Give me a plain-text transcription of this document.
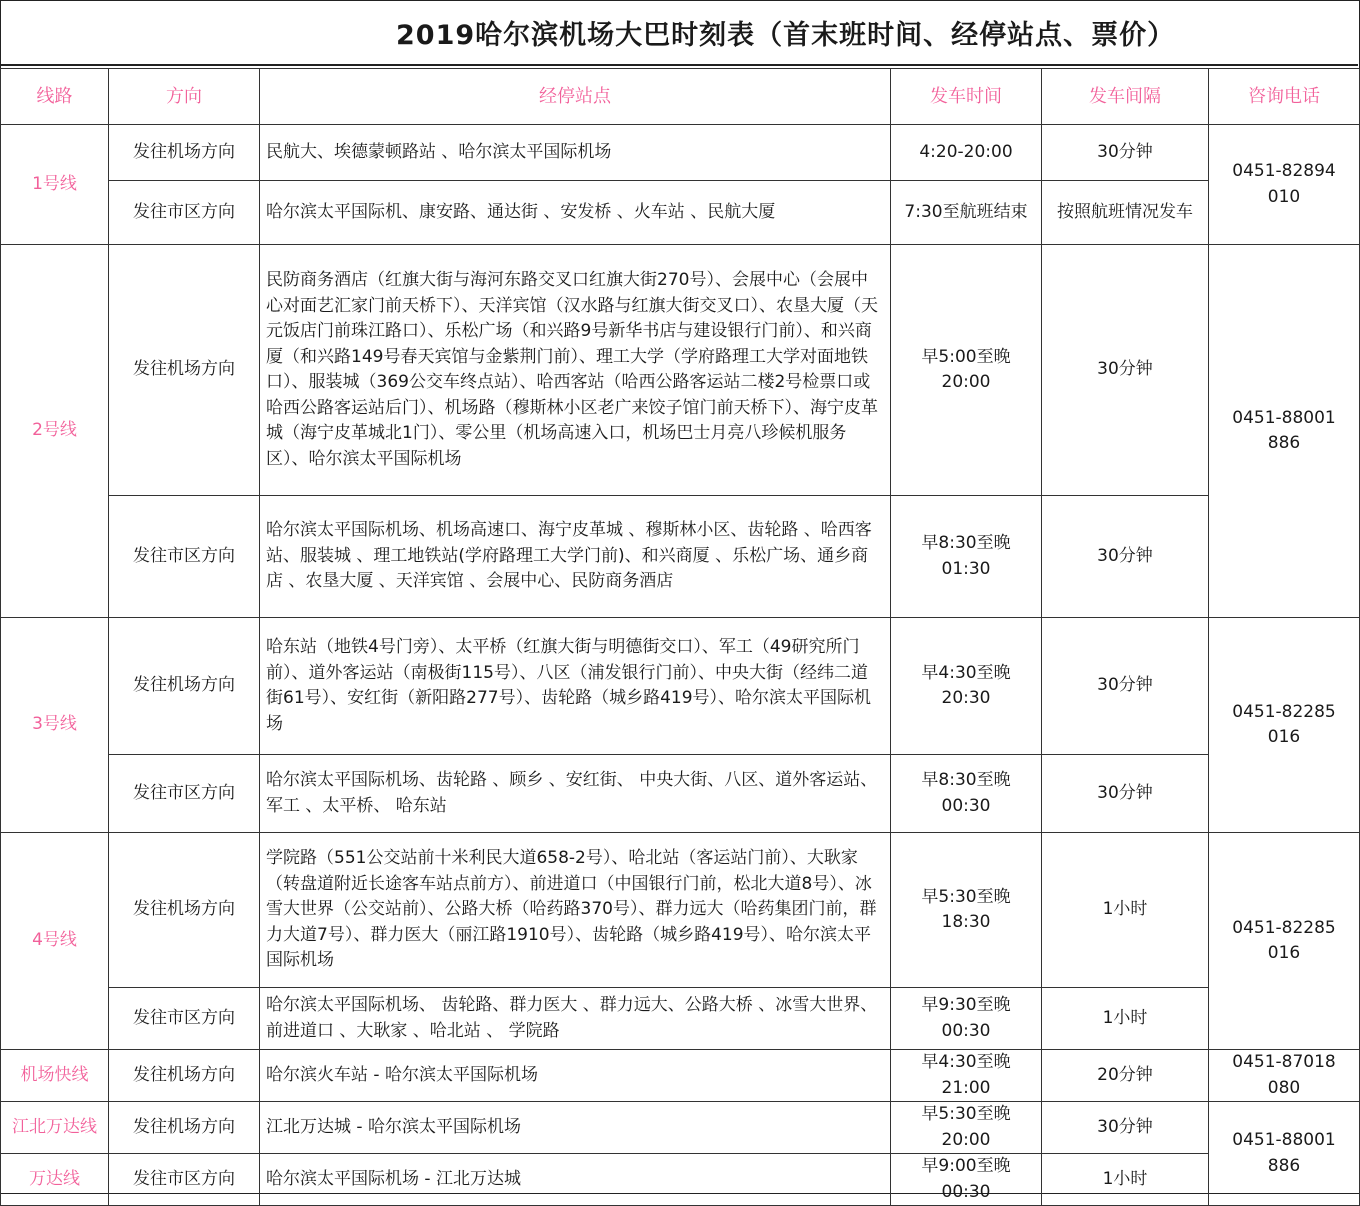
2019哈尔滨机场大巴时刻表（首末班时间、经停站点、票价）
线路	方向	经停站点	发车时间	发车间隔	咨询电话
1号线	发往机场方向	民航大、埃德蒙顿路站 、哈尔滨太平国际机场	4:20-20:00	30分钟	0451-82894010
	发往市区方向	哈尔滨太平国际机、康安路、通达街 、安发桥 、火车站 、民航大厦	7:30至航班结束	按照航班情况发车	
2号线	发往机场方向	民防商务酒店（红旗大街与海河东路交叉口红旗大街270号）、会展中心（会展中心对面艺汇家门前天桥下）、天洋宾馆（汉水路与红旗大街交叉口）、农垦大厦（天元饭店门前珠江路口）、乐松广场（和兴路9号新华书店与建设银行门前）、和兴商厦（和兴路149号春天宾馆与金紫荆门前）、理工大学（学府路理工大学对面地铁口）、服装城（369公交车终点站）、哈西客站（哈西公路客运站二楼2号检票口或哈西公路客运站后门）、机场路（穆斯林小区老广来饺子馆门前天桥下）、海宁皮革城（海宁皮革城北1门）、零公里（机场高速入口，机场巴士月亮八珍候机服务区）、哈尔滨太平国际机场	早5:00至晚20:00	30分钟	0451-88001886
	发往市区方向	哈尔滨太平国际机场、机场高速口、海宁皮革城 、穆斯林小区、齿轮路 、哈西客站、服装城 、理工地铁站(学府路理工大学门前)、和兴商厦 、乐松广场、通乡商店 、农垦大厦 、天洋宾馆 、会展中心、民防商务酒店	早8:30至晚01:30	30分钟	
3号线	发往机场方向	哈东站（地铁4号门旁）、太平桥（红旗大街与明德街交口）、军工（49研究所门前）、道外客运站（南极街115号）、八区（浦发银行门前）、中央大街（经纬二道街61号）、安红街（新阳路277号）、齿轮路（城乡路419号）、哈尔滨太平国际机场	早4:30至晚20:30	30分钟	0451-82285016
	发往市区方向	哈尔滨太平国际机场、齿轮路 、顾乡 、安红街、 中央大街、八区、道外客运站、 军工 、太平桥、 哈东站	早8:30至晚00:30	30分钟	
4号线	发往机场方向	学院路（551公交站前十米利民大道658-2号）、哈北站（客运站门前）、大耿家（转盘道附近长途客车站点前方）、前进道口（中国银行门前，松北大道8号）、冰雪大世界（公交站前）、公路大桥（哈药路370号）、群力远大（哈药集团门前，群力大道7号）、群力医大（丽江路1910号）、齿轮路（城乡路419号）、哈尔滨太平国际机场	早5:30至晚18:30	1小时	0451-82285016
	发往市区方向	哈尔滨太平国际机场、 齿轮路、群力医大 、群力远大、公路大桥 、冰雪大世界、前进道口 、大耿家 、哈北站 、 学院路	早9:30至晚00:30	1小时	
机场快线	发往机场方向	哈尔滨火车站 - 哈尔滨太平国际机场	早4:30至晚21:00	20分钟	0451-87018080
江北万达线	发往机场方向	江北万达城 - 哈尔滨太平国际机场	早5:30至晚20:00	30分钟	0451-88001886
万达线	发往市区方向	哈尔滨太平国际机场 - 江北万达城	早9:00至晚00:30	1小时	
